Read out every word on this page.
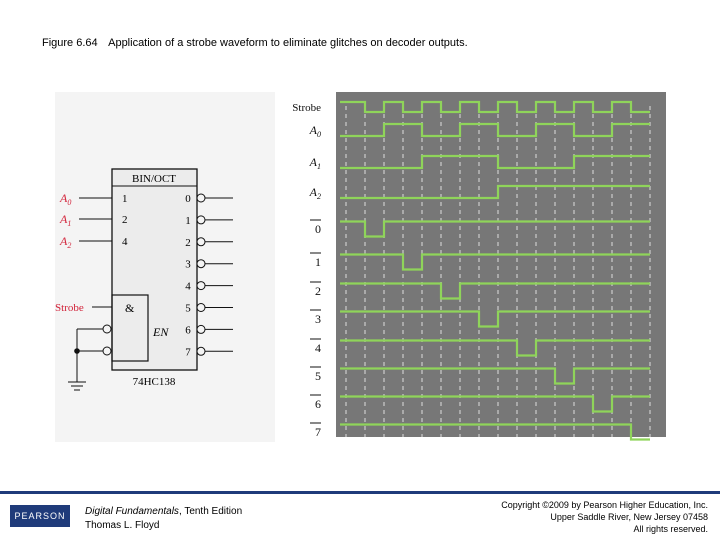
Figure 6.64 Application of a strobe waveform to eliminate glitches on decoder outputs.
BIN/OCT
&
EN
1
2
4
$A_0$
$A_1$
$A_2$
Strobe
0
1
2
3
4
5
6
7
74HC138
Strobe
$A_0$
$A_1$
$A_2$
0
1
2
3
4
5
6
7
PEARSON	Digital Fundamentals, Tenth Edition
Thomas L. Floyd
Copyright ©2009 by Pearson Higher Education, Inc.
Upper Saddle River, New Jersey 07458
All rights reserved.
